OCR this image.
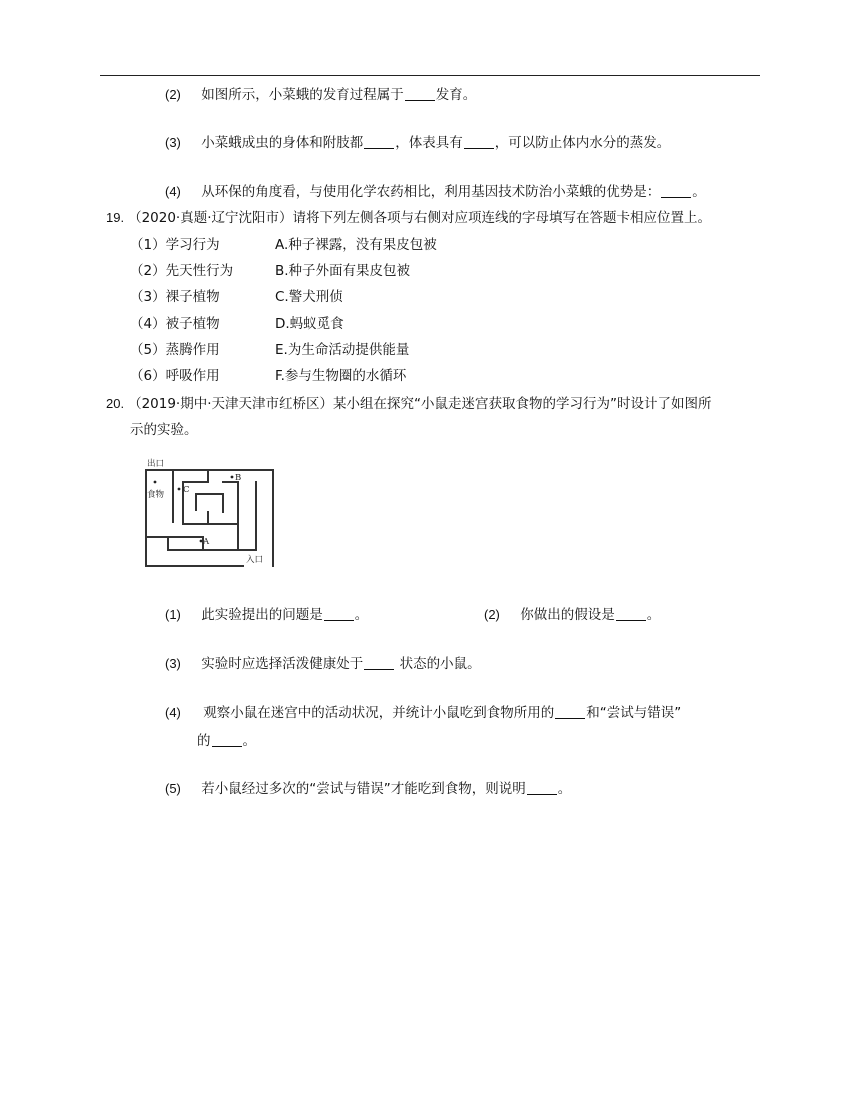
(2) 如图所示，小菜蛾的发育过程属于 发育。
(3) 小菜蛾成虫的身体和附肢都 ，体表具有 ，可以防止体内水分的蒸发。
(4) 从环保的角度看，与使用化学农药相比，利用基因技术防治小菜蛾的优势是： 。
19. （2020·真题·辽宁沈阳市）请将下列左侧各项与右侧对应项连线的字母填写在答题卡相应位置上。
（1）学习行为
（2）先天性行为
（3）裸子植物
（4）被子植物
（5）蒸腾作用
（6）呼吸作用
A.种子裸露，没有果皮包被
B.种子外面有果皮包被
C.警犬刑侦
D.蚂蚁觅食
E.为生命活动提供能量
F.参与生物圈的水循环
20. （2019·期中·天津天津市红桥区）某小组在探究“小鼠走迷宫获取食物的学习行为”时设计了如图所
示的实验。
出口
食物
入口
C
B
A
(1) 此实验提出的问题是 。	(2) 你做出的假设是 。
(3) 实验时应选择活泼健康处于 状态的小鼠。
(4) 观察小鼠在迷宫中的活动状况，并统计小鼠吃到食物所用的 和“尝试与错误”
的 。
(5) 若小鼠经过多次的“尝试与错误”才能吃到食物，则说明 。
